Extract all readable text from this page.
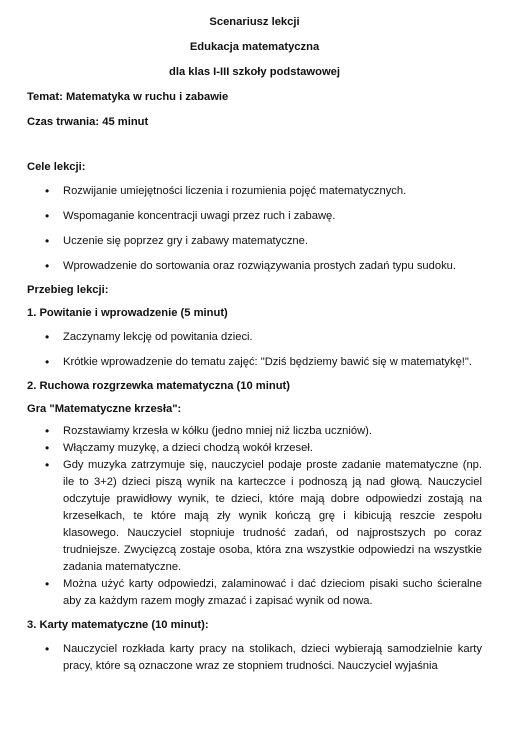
Scenariusz lekcji
Edukacja matematyczna
dla klas I-III szkoły podstawowej
Temat: Matematyka w ruchu i zabawie
Czas trwania: 45 minut
Cele lekcji:
• Rozwijanie umiejętności liczenia i rozumienia pojęć matematycznych.
• Wspomaganie koncentracji uwagi przez ruch i zabawę.
• Uczenie się poprzez gry i zabawy matematyczne.
• Wprowadzenie do sortowania oraz rozwiązywania prostych zadań typu sudoku.
Przebieg lekcji:
1. Powitanie i wprowadzenie (5 minut)
• Zaczynamy lekcję od powitania dzieci.
• Krótkie wprowadzenie do tematu zajęć: "Dziś będziemy bawić się w matematykę!".
2. Ruchowa rozgrzewka matematyczna (10 minut)
Gra "Matematyczne krzesła":
• Rozstawiamy krzesła w kółku (jedno mniej niż liczba uczniów).
• Włączamy muzykę, a dzieci chodzą wokół krzeseł.
• Gdy muzyka zatrzymuje się, nauczyciel podaje proste zadanie matematyczne (np. ile to 3+2) dzieci piszą wynik na karteczce i podnoszą ją nad głową. Nauczyciel odczytuje prawidłowy wynik, te dzieci, które mają dobre odpowiedzi zostają na krzesełkach, te które mają zły wynik kończą grę i kibicują reszcie zespołu klasowego. Nauczyciel stopniuje trudność zadań, od najprostszych po coraz trudniejsze. Zwycięzcą zostaje osoba, która zna wszystkie odpowiedzi na wszystkie zadania matematyczne.
• Można użyć karty odpowiedzi, zalaminować i dać dzieciom pisaki sucho ścieralne aby za każdym razem mogły zmazać i zapisać wynik od nowa.
3. Karty matematyczne (10 minut):
• Nauczyciel rozkłada karty pracy na stolikach, dzieci wybierają samodzielnie karty pracy, które są oznaczone wraz ze stopniem trudności. Nauczyciel wyjaśnia
